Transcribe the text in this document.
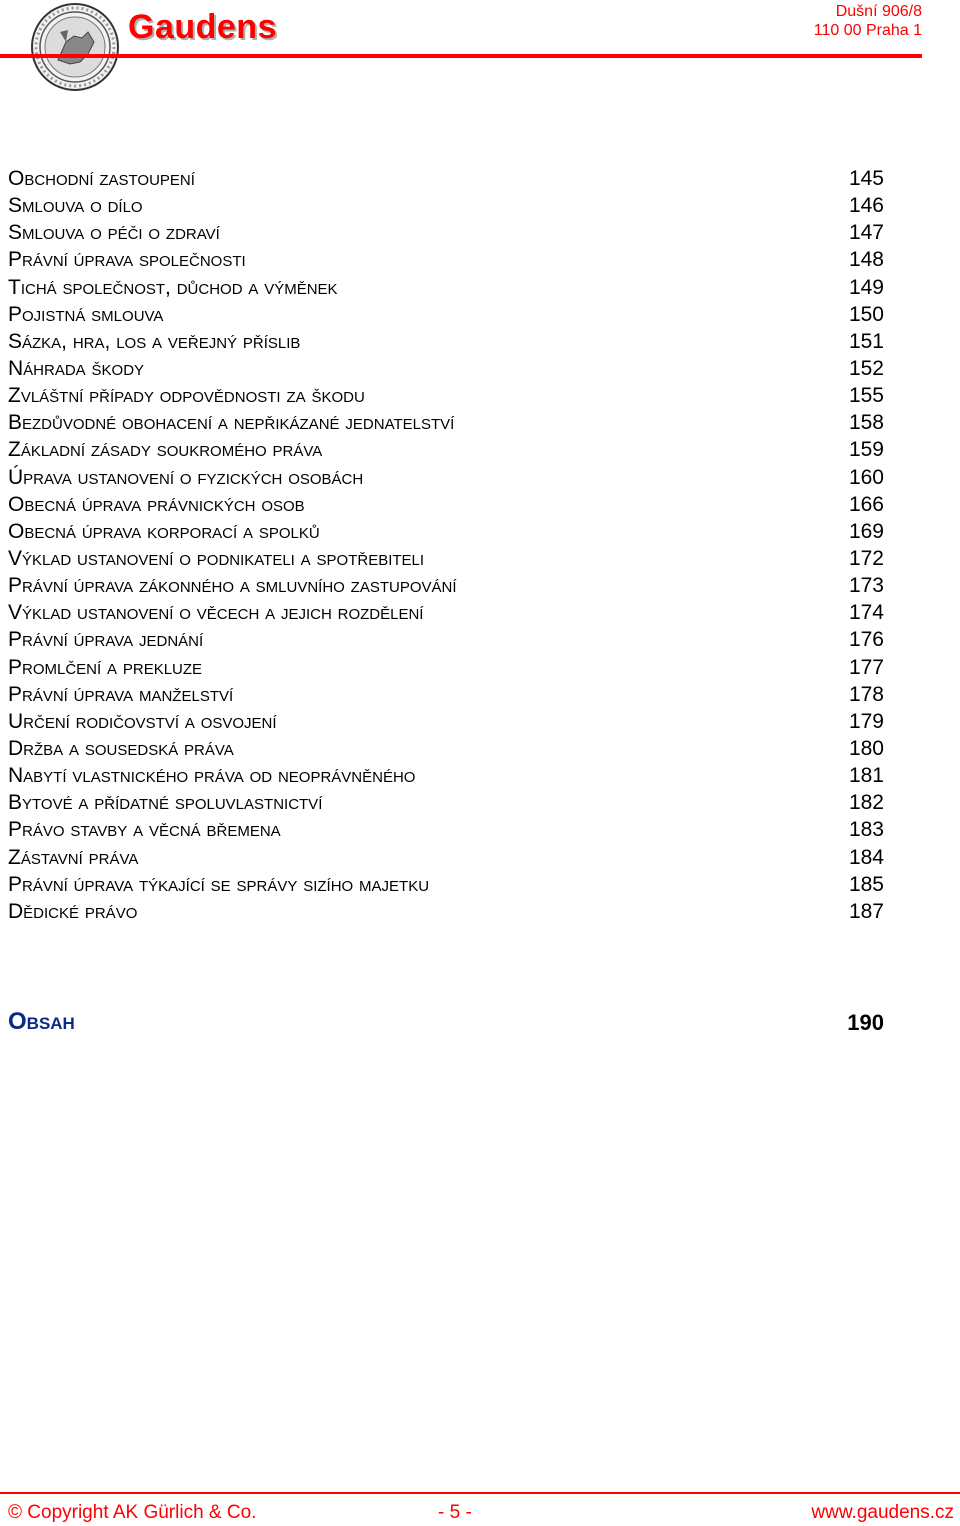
Gaudens	Dušní 906/8
110 00 Praha 1
Obchodní zastoupení	145
Smlouva o dílo	146
Smlouva o péči o zdraví	147
Právní úprava společnosti	148
Tichá společnost, důchod a výměnek	149
Pojistná smlouva	150
Sázka, hra, los a veřejný příslib	151
Náhrada škody	152
Zvláštní případy odpovědnosti za škodu	155
Bezdůvodné obohacení a nepřikázané jednatelství	158
Základní zásady soukromého práva	159
Úprava ustanovení o fyzických osobách	160
Obecná úprava právnických osob	166
Obecná úprava korporací a spolků	169
Výklad ustanovení o podnikateli a spotřebiteli	172
Právní úprava zákonného a smluvního zastupování	173
Výklad ustanovení o věcech a jejich rozdělení	174
Právní úprava jednání	176
Promlčení a prekluze	177
Právní úprava manželství	178
Určení rodičovství a osvojení	179
Držba a sousedská práva	180
Nabytí vlastnického práva od neoprávněného	181
Bytové a přídatné spoluvlastnictví	182
Právo stavby a věcná břemena	183
Zástavní práva	184
Právní úprava týkající se správy sizího majetku	185
Dědické právo	187
Obsah	190
© Copyright AK Gürlich & Co.	- 5 -	www.gaudens.cz
